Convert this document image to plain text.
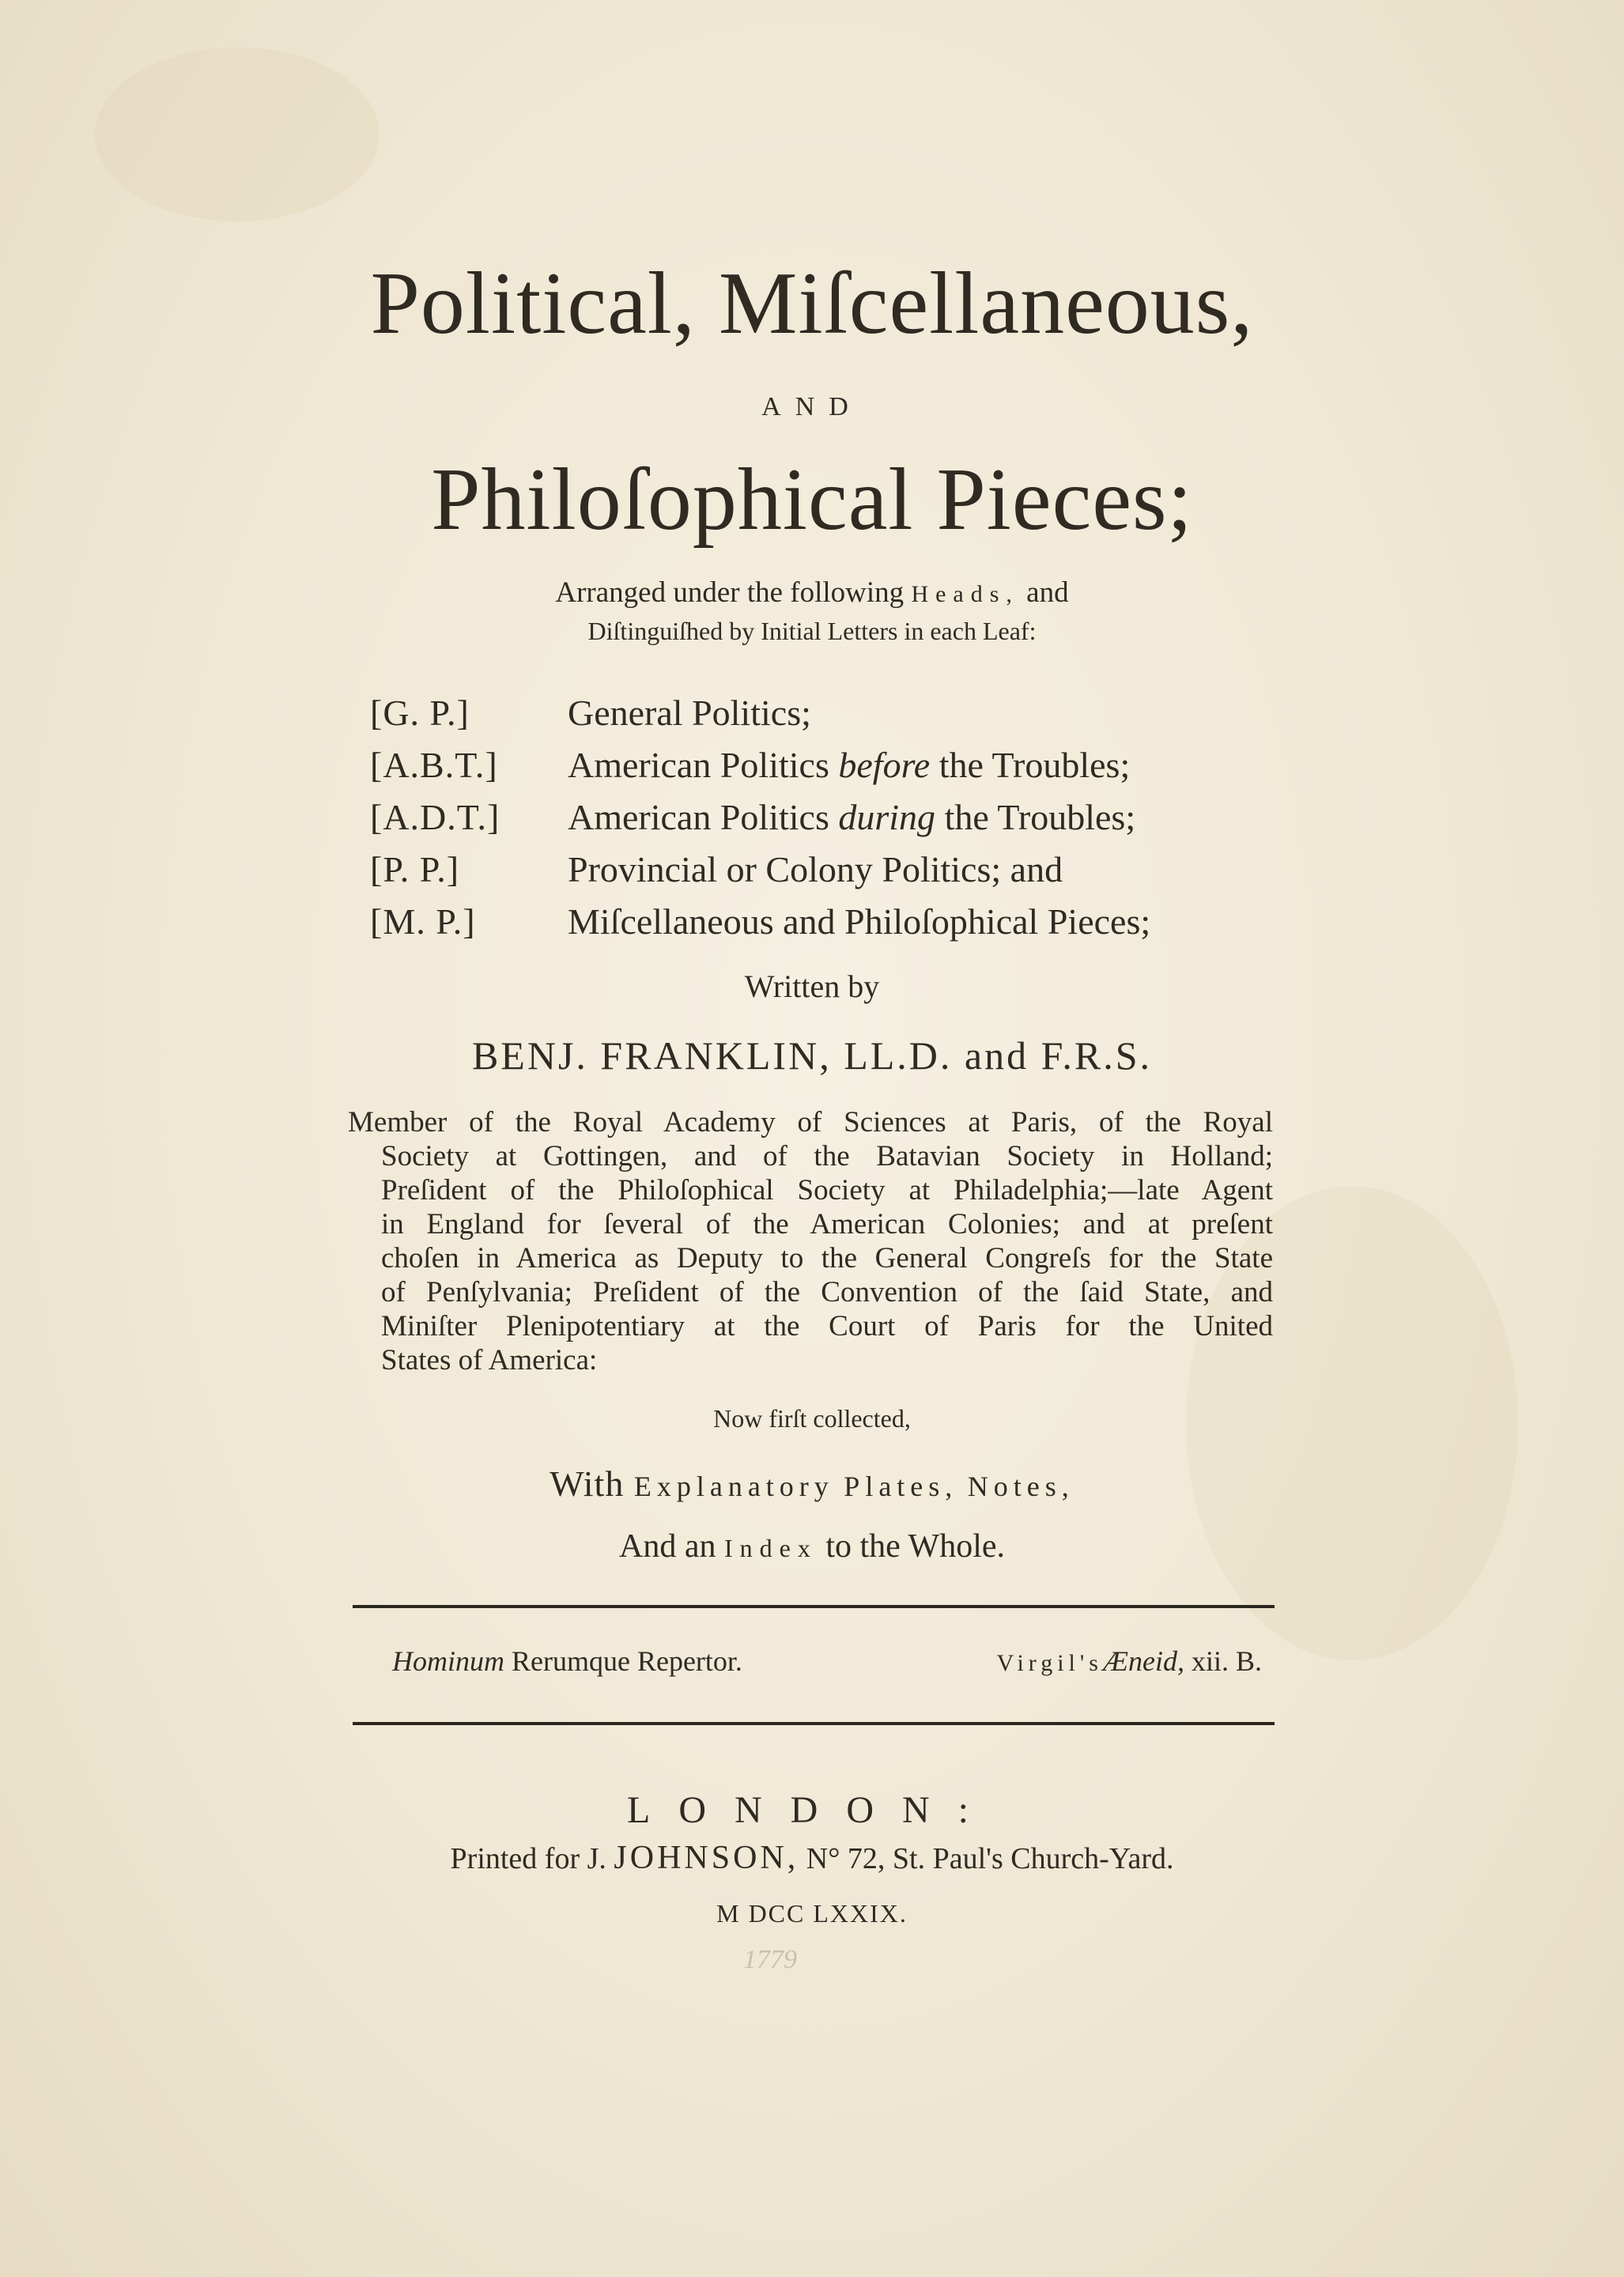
Political, Miſcellaneous,
AND
Philoſophical Pieces;
Arranged under the following Heads, and
Diſtinguiſhed by Initial Letters in each Leaf:
[G. P.]	General Politics;
[A.B.T.]	American Politics before the Troubles;
[A.D.T.]	American Politics during the Troubles;
[P. P.]	Provincial or Colony Politics; and
[M. P.]	Miſcellaneous and Philoſophical Pieces;
Written by
BENJ. FRANKLIN, LL.D. and F.R.S.
Member of the Royal Academy of Sciences at Paris, of the Royal
Society at Gottingen, and of the Batavian Society in Holland;
Preſident of the Philoſophical Society at Philadelphia;—late Agent
in England for ſeveral of the American Colonies; and at preſent
choſen in America as Deputy to the General Congreſs for the State
of Penſylvania; Preſident of the Convention of the ſaid State, and
Miniſter Plenipotentiary at the Court of Paris for the United
States of America:
Now firſt collected,
With Explanatory Plates, Notes,
And an Index to the Whole.
Hominum Rerumque Repertor.	Virgil'sÆneid, xii. B.
LONDON:
Printed for J. JOHNSON, N° 72, St. Paul's Church-Yard.
M DCC LXXIX.
1779
